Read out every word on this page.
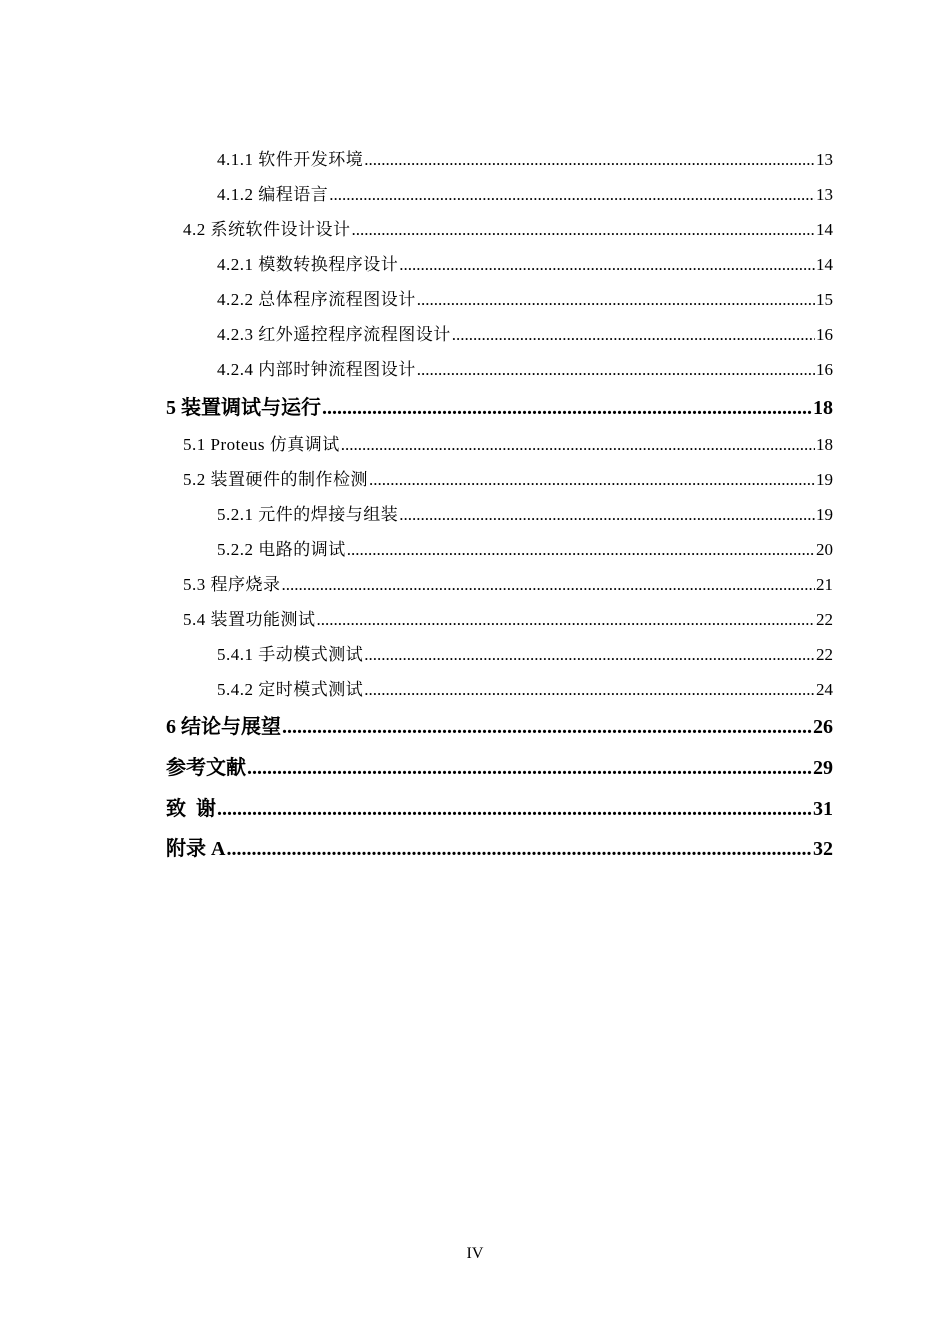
4.1.1 软件开发环境 .....	13
4.1.2 编程语言 .....	13
4.2 系统软件设计设计 .....	14
4.2.1 模数转换程序设计 .....	14
4.2.2 总体程序流程图设计 .....	15
4.2.3 红外遥控程序流程图设计 .....	16
4.2.4 内部时钟流程图设计 .....	16
5 装置调试与运行 .....	18
5.1 Proteus 仿真调试 .....	18
5.2 装置硬件的制作检测 .....	19
5.2.1 元件的焊接与组装 .....	19
5.2.2 电路的调试 .....	20
5.3 程序烧录 .....	21
5.4 装置功能测试 .....	22
5.4.1 手动模式测试 .....	22
5.4.2 定时模式测试 .....	24
6 结论与展望 .....	26
参考文献 .....	29
致  谢 .....	31
附录 A .....	32
IV
